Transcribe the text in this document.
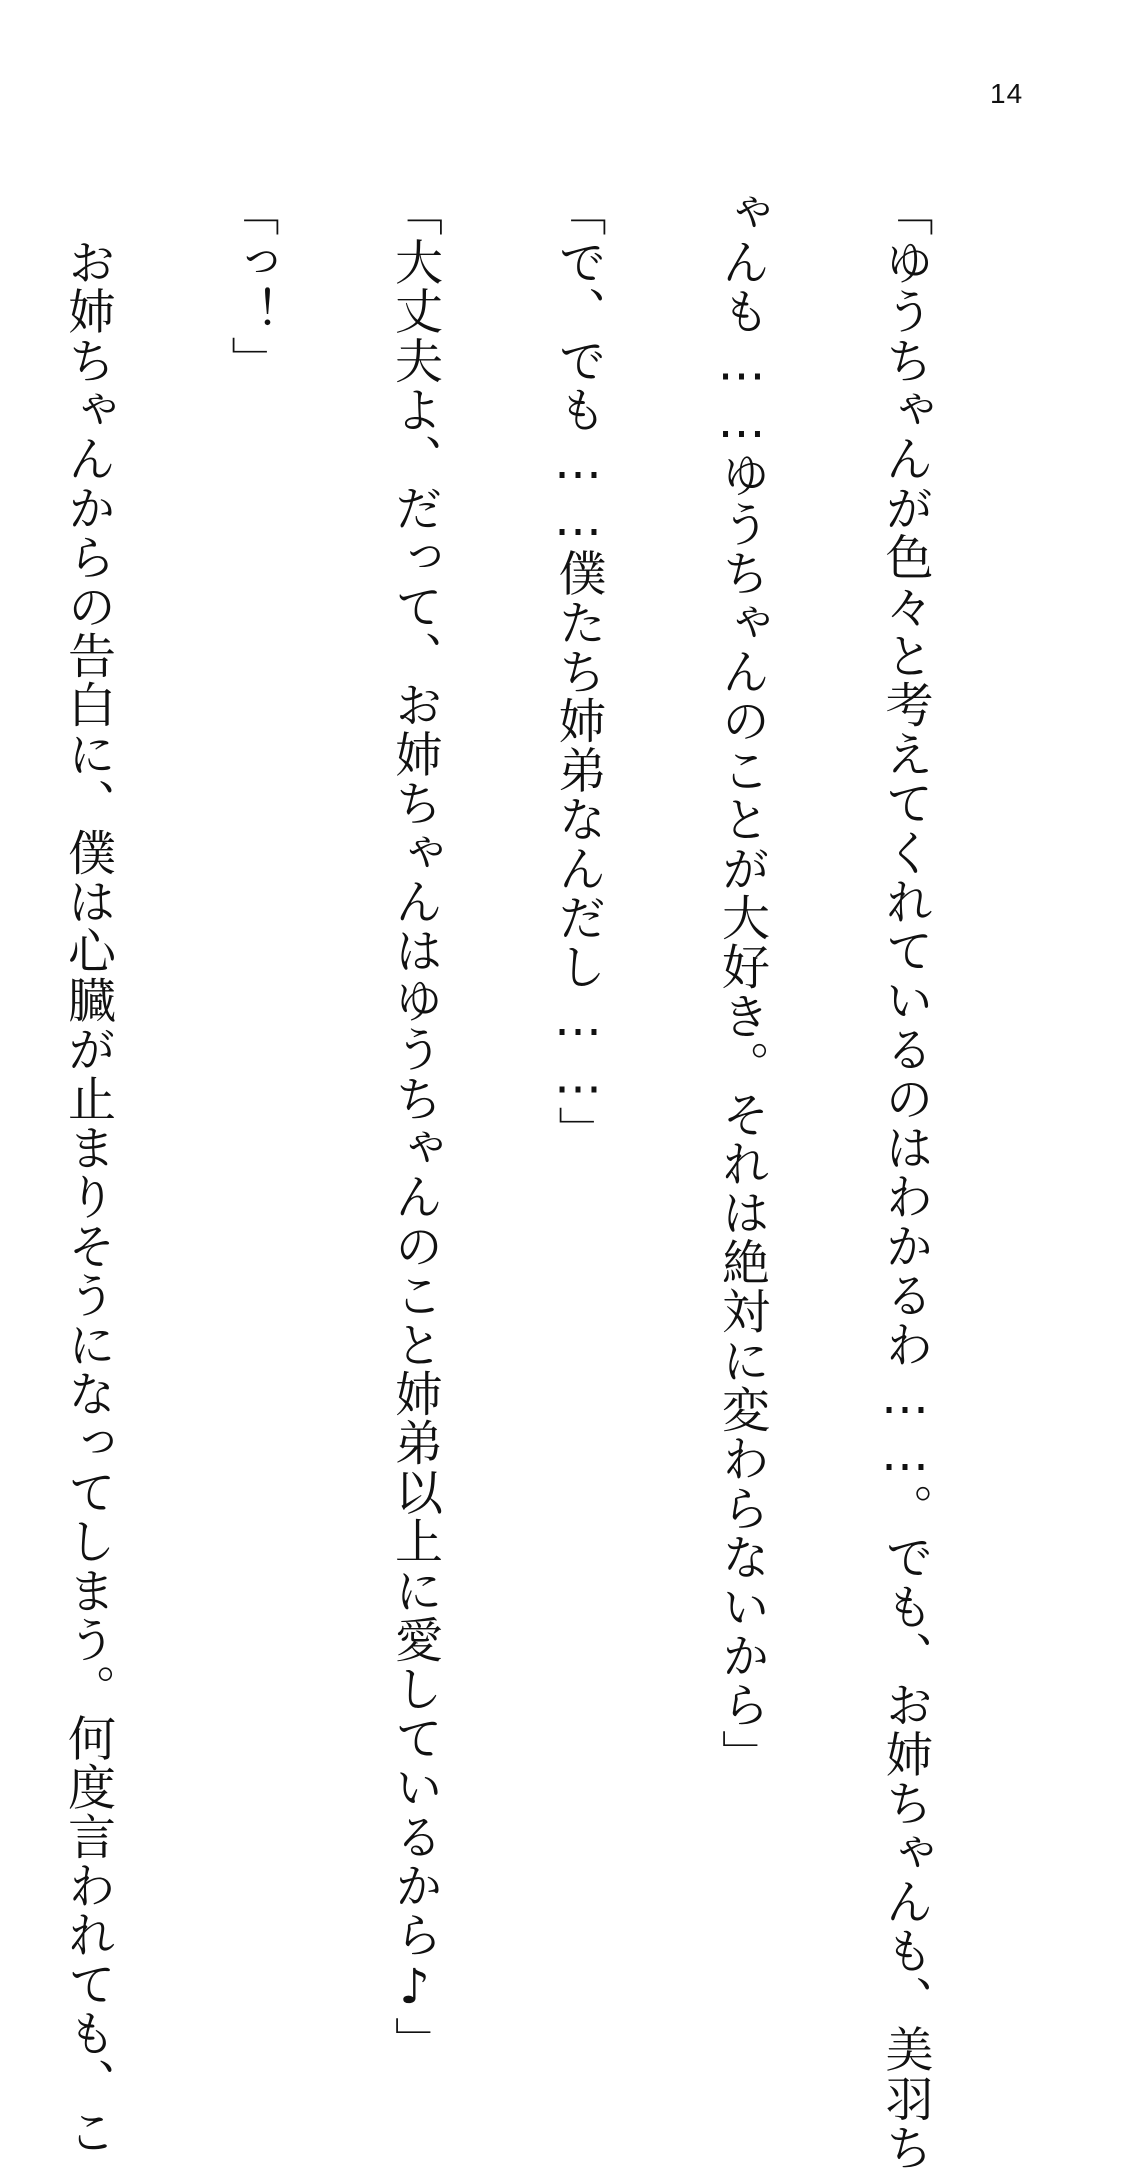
14

「ゆうちゃんが色々と考えてくれているのはわかるわ……。でも、お姉ちゃんも、美羽ち

ゃんも……ゆうちゃんのことが大好き。それは絶対に変わらないから」

「で、でも……僕たち姉弟なんだし……」

「大丈夫よ、だって、お姉ちゃんはゆうちゃんのこと姉弟以上に愛しているから♪」

「っ！」

　お姉ちゃんからの告白に、僕は心臓が止まりそうになってしまう。何度言われても、こ
